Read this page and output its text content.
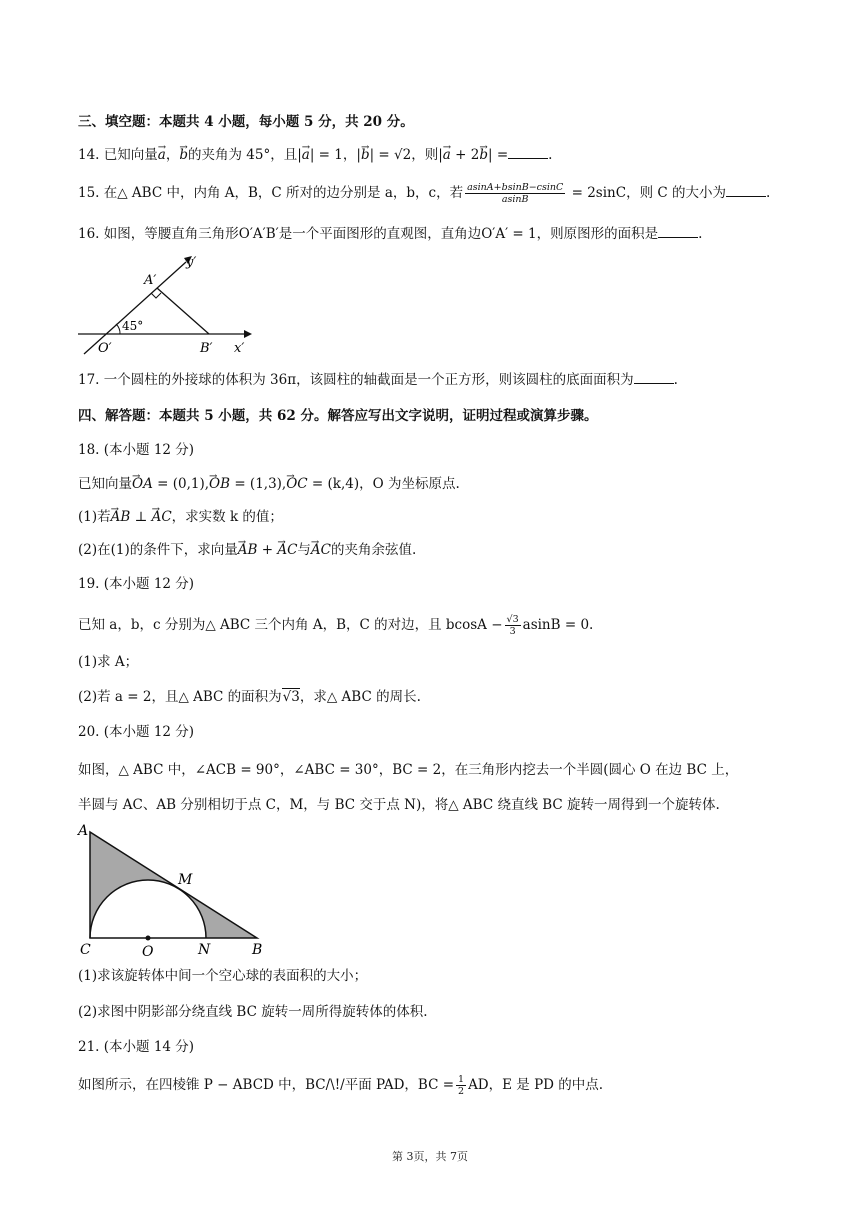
三、填空题：本题共 4 小题，每小题 5 分，共 20 分。
14. 已知向量→ a，→ b的夹角为 45°，且|→ a| = 1，|→ b| = √2，则|→ a + 2→ b| =	.
15. 在△ ABC 中，内角 A，B，C 所对的边分别是 a，b，c，若 $\frac{asinA+bsinB-csinC}{asinB} = 2\sin C$，则 C 的大小为	.
16. 如图，等腰直角三角形O′A′B′是一个平面图形的直观图，直角边O′A′ = 1，则原图形的面积是	.
y′
x′
A′
O′	B′
45°
17. 一个圆柱的外接球的体积为 36π，该圆柱的轴截面是一个正方形，则该圆柱的底面面积为	.
四、解答题：本题共 5 小题，共 62 分。解答应写出文字说明，证明过程或演算步骤。
18. (本小题 12 分)
已知向量→ OA = (0,1),→ OB = (1,3),→ OC = (k,4)，O 为坐标原点.
(1)若→ AB ⊥ → AC，求实数 k 的值；
(2)在(1)的条件下，求向量→ AB + → AC与→ AC的夹角余弦值.
19. (本小题 12 分)
已知 a，b，c 分别为△ ABC 三个内角 A，B，C 的对边，且 $bcosA - \frac{√3}{3}$ asinB = 0.
(1)求 A；
(2)若 a = 2，且△ ABC 的面积为√3，求△ ABC 的周长.
20. (本小题 12 分)
如图，△ ABC 中，∠ACB = 90°，∠ABC = 30°，BC = 2，在三角形内挖去一个半圆(圆心 O 在边 BC 上，
半圆与 AC、AB 分别相切于点 C，M，与 BC 交于点 N)，将△ ABC 绕直线 BC 旋转一周得到一个旋转体.
A
M
C	O	N	B
(1)求该旋转体中间一个空心球的表面积的大小；
(2)求图中阴影部分绕直线 BC 旋转一周所得旋转体的体积.
21. (本小题 14 分)
如图所示，在四棱锥 P − ABCD 中，BC/\!/平面 PAD，BC = $\frac{1}{2}$ AD，E 是 PD 的中点.
第 3页，共 7页
